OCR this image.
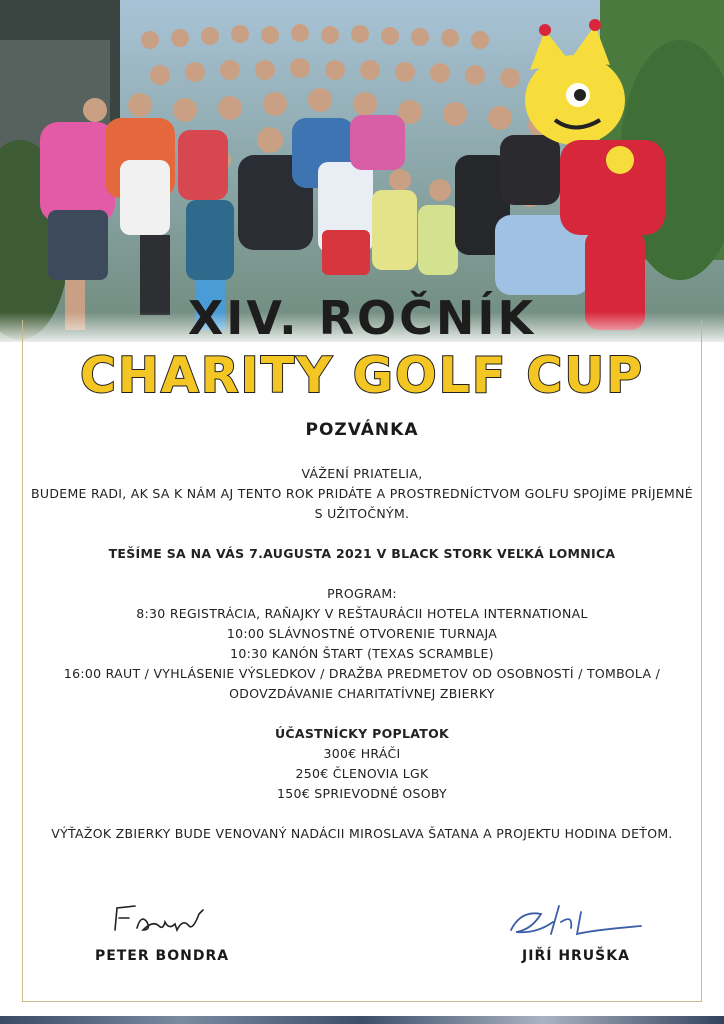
XIV. ROČNÍK
CHARITY GOLF CUP
POZVÁNKA
VÁŽENÍ PRIATELIA,
BUDEME RADI, AK SA K NÁM AJ TENTO ROK PRIDÁTE A PROSTREDNÍCTVOM GOLFU SPOJÍME PRÍJEMNÉ
S UŽITOČNÝM.
TEŠÍME SA NA VÁS 7.AUGUSTA 2021 V BLACK STORK VEĽKÁ LOMNICA
PROGRAM:
8:30 REGISTRÁCIA, RAŇAJKY V REŠTAURÁCII HOTELA INTERNATIONAL
10:00 SLÁVNOSTNÉ OTVORENIE TURNAJA
10:30 KANÓN ŠTART (TEXAS SCRAMBLE)
16:00 RAUT / VYHLÁSENIE VÝSLEDKOV / DRAŽBA PREDMETOV OD OSOBNOSTÍ / TOMBOLA /
ODOVZDÁVANIE CHARITATÍVNEJ ZBIERKY
ÚČASTNÍCKY POPLATOK
300€ HRÁČI
250€ ČLENOVIA LGK
150€ SPRIEVODNÉ OSOBY
VÝŤAŽOK ZBIERKY BUDE VENOVANÝ NADÁCII MIROSLAVA ŠATANA A PROJEKTU HODINA DEŤOM.
PETER BONDRA	JIŘÍ HRUŠKA
